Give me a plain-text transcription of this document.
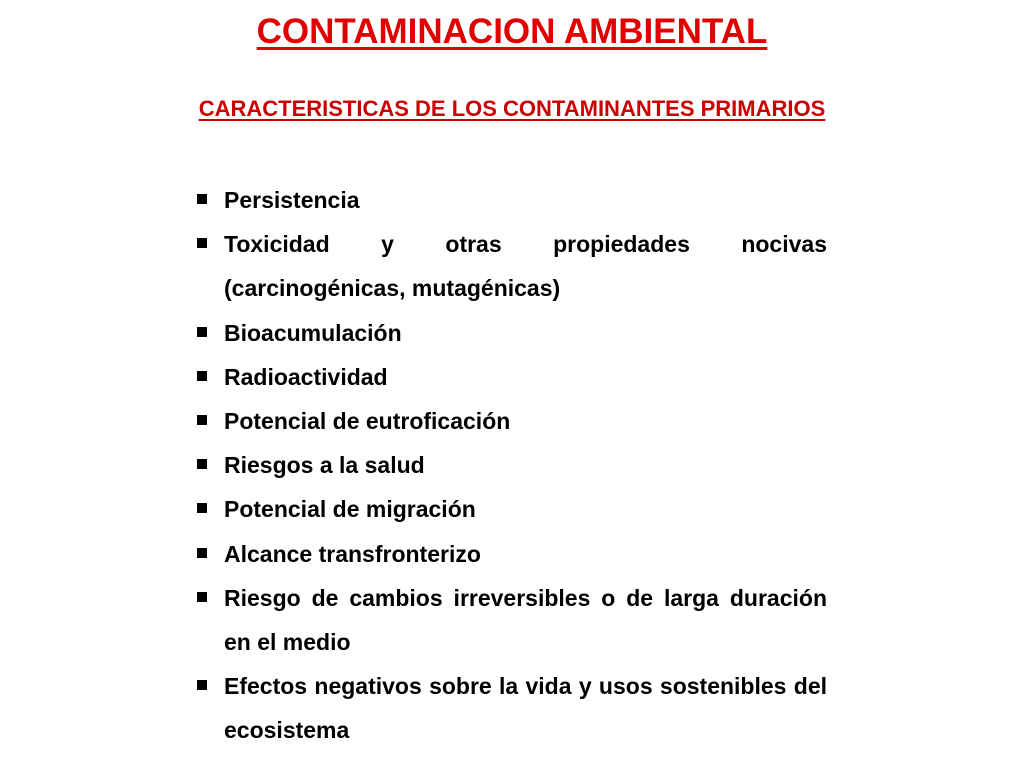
CONTAMINACION AMBIENTAL
CARACTERISTICAS DE LOS CONTAMINANTES PRIMARIOS
Persistencia
Toxicidad y otras propiedades nocivas (carcinogénicas, mutagénicas)
Bioacumulación
Radioactividad
Potencial de eutroficación
Riesgos a la salud
Potencial de migración
Alcance transfronterizo
Riesgo de cambios irreversibles o de larga duración en el medio
Efectos negativos sobre la vida y usos sostenibles del ecosistema
